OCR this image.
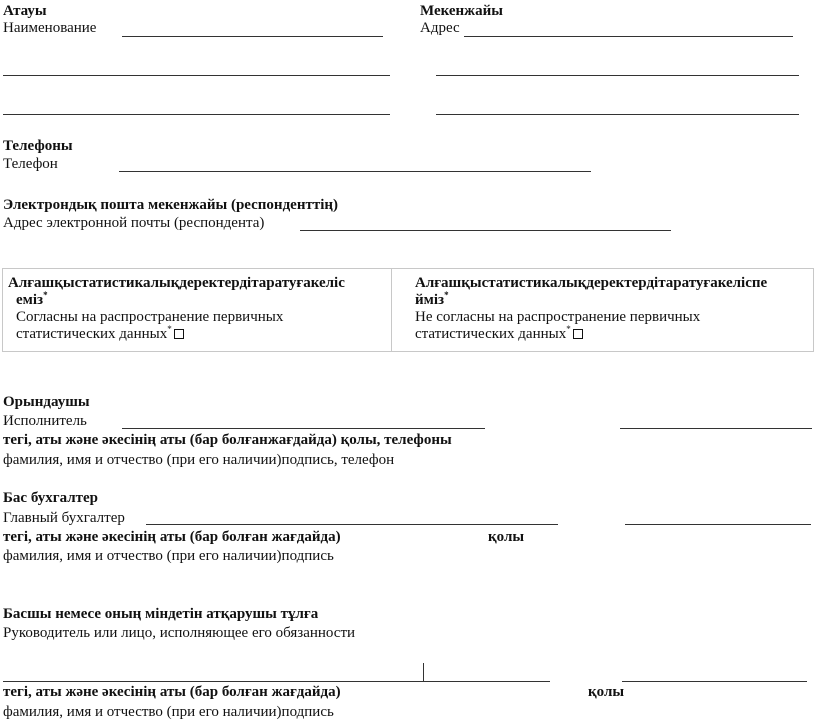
Атауы
Наименование
Мекенжайы
Адрес
Телефоны
Телефон
Электрондық пошта мекенжайы (респонденттің)
Адрес электронной почты (респондента)
Алғашқыстатистикалықдеректердітаратуғакеліс
еміз*
Согласны на распространение первичных
статистических данных*
Алғашқыстатистикалықдеректердітаратуғакеліспе
йміз*
Не согласны на распространение первичных
статистических данных*
Орындаушы
Исполнитель
тегі, аты және әкесінің аты (бар болғанжағдайда) қолы, телефоны
фамилия, имя и отчество (при его наличии)подпись, телефон
Бас бухгалтер
Главный бухгалтер
тегі, аты және әкесінің аты (бар болған жағдайда)	қолы
фамилия, имя и отчество (при его наличии)подпись
Басшы немесе оның міндетін атқарушы тұлға
Руководитель или лицо, исполняющее его обязанности
тегі, аты және әкесінің аты (бар болған жағдайда)	қолы
фамилия, имя и отчество (при его наличии)подпись
